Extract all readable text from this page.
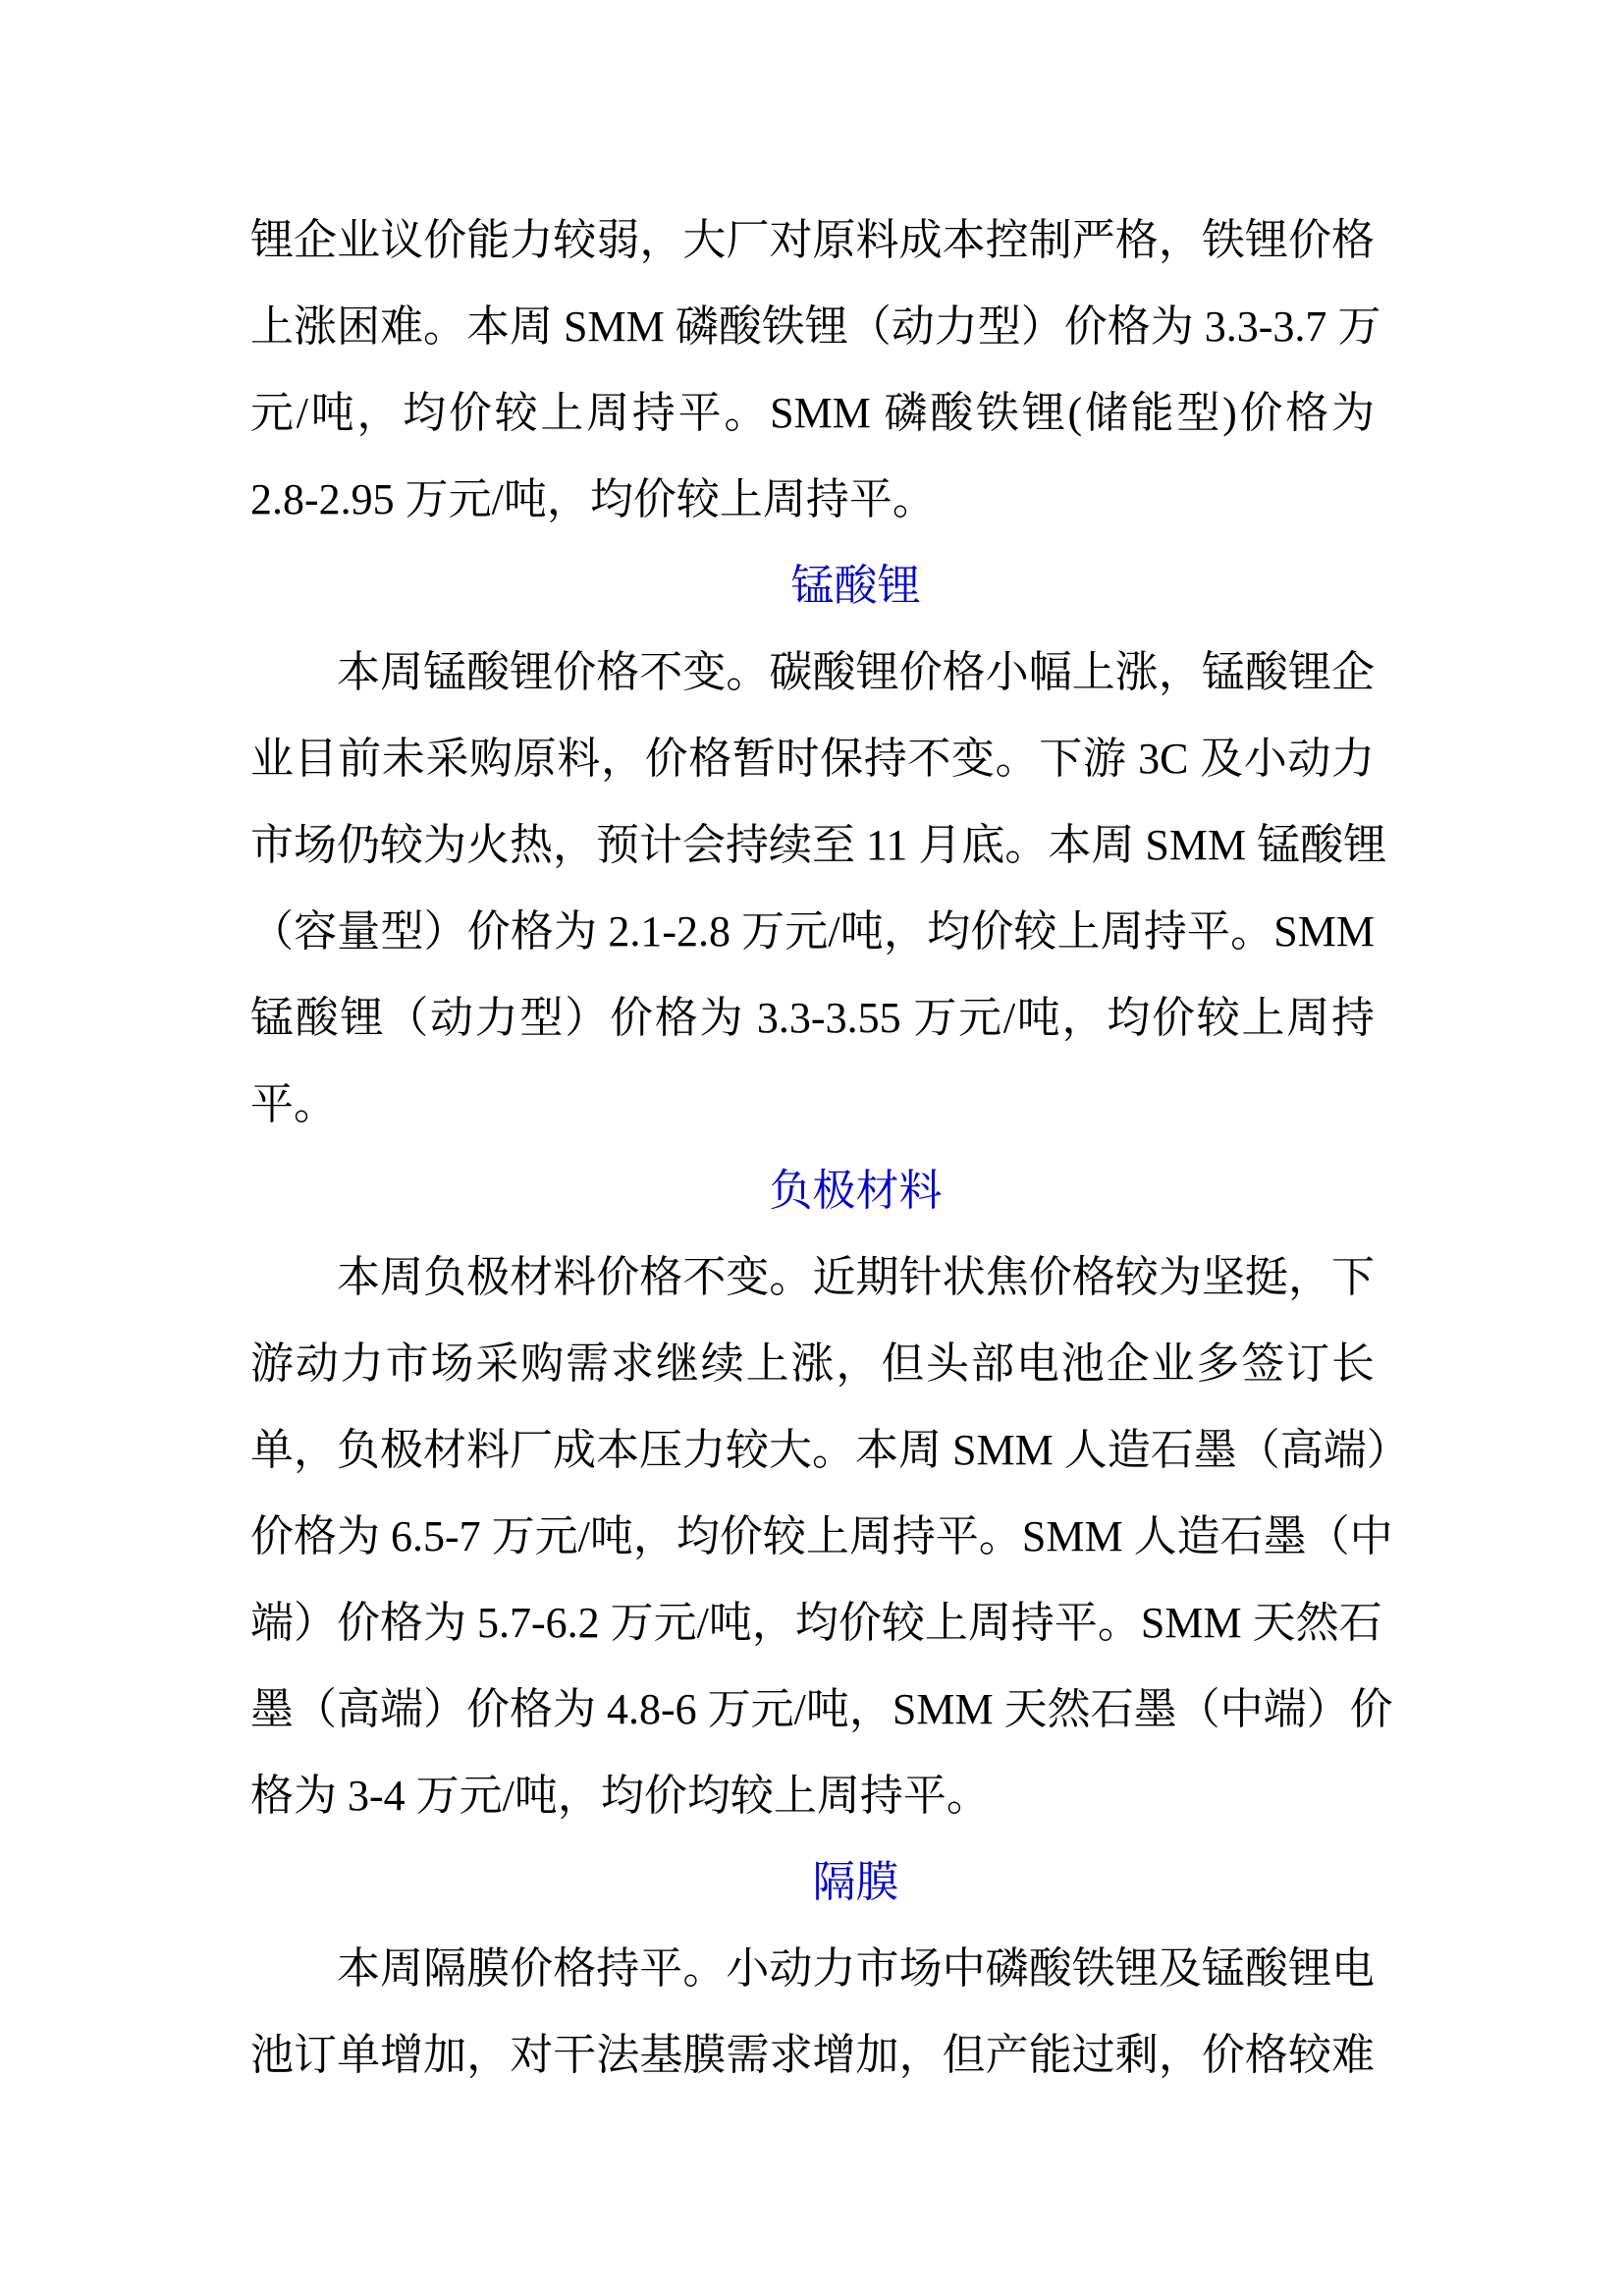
锂企业议价能力较弱，大厂对原料成本控制严格，铁锂价格
上涨困难。本周 SMM 磷酸铁锂（动力型）价格为 3.3-3.7 万
元/吨，均价较上周持平。SMM 磷酸铁锂(储能型)价格为
2.8-2.95 万元/吨，均价较上周持平。
锰酸锂
本周锰酸锂价格不变。碳酸锂价格小幅上涨，锰酸锂企
业目前未采购原料，价格暂时保持不变。下游 3C 及小动力
市场仍较为火热，预计会持续至 11 月底。本周 SMM 锰酸锂
（容量型）价格为 2.1-2.8 万元/吨，均价较上周持平。SMM
锰酸锂（动力型）价格为 3.3-3.55 万元/吨，均价较上周持
平。
负极材料
本周负极材料价格不变。近期针状焦价格较为坚挺，下
游动力市场采购需求继续上涨，但头部电池企业多签订长
单，负极材料厂成本压力较大。本周 SMM 人造石墨（高端）
价格为 6.5-7 万元/吨，均价较上周持平。SMM 人造石墨（中
端）价格为 5.7-6.2 万元/吨，均价较上周持平。SMM 天然石
墨（高端）价格为 4.8-6 万元/吨，SMM 天然石墨（中端）价
格为 3-4 万元/吨，均价均较上周持平。
隔膜
本周隔膜价格持平。小动力市场中磷酸铁锂及锰酸锂电
池订单增加，对干法基膜需求增加，但产能过剩，价格较难
